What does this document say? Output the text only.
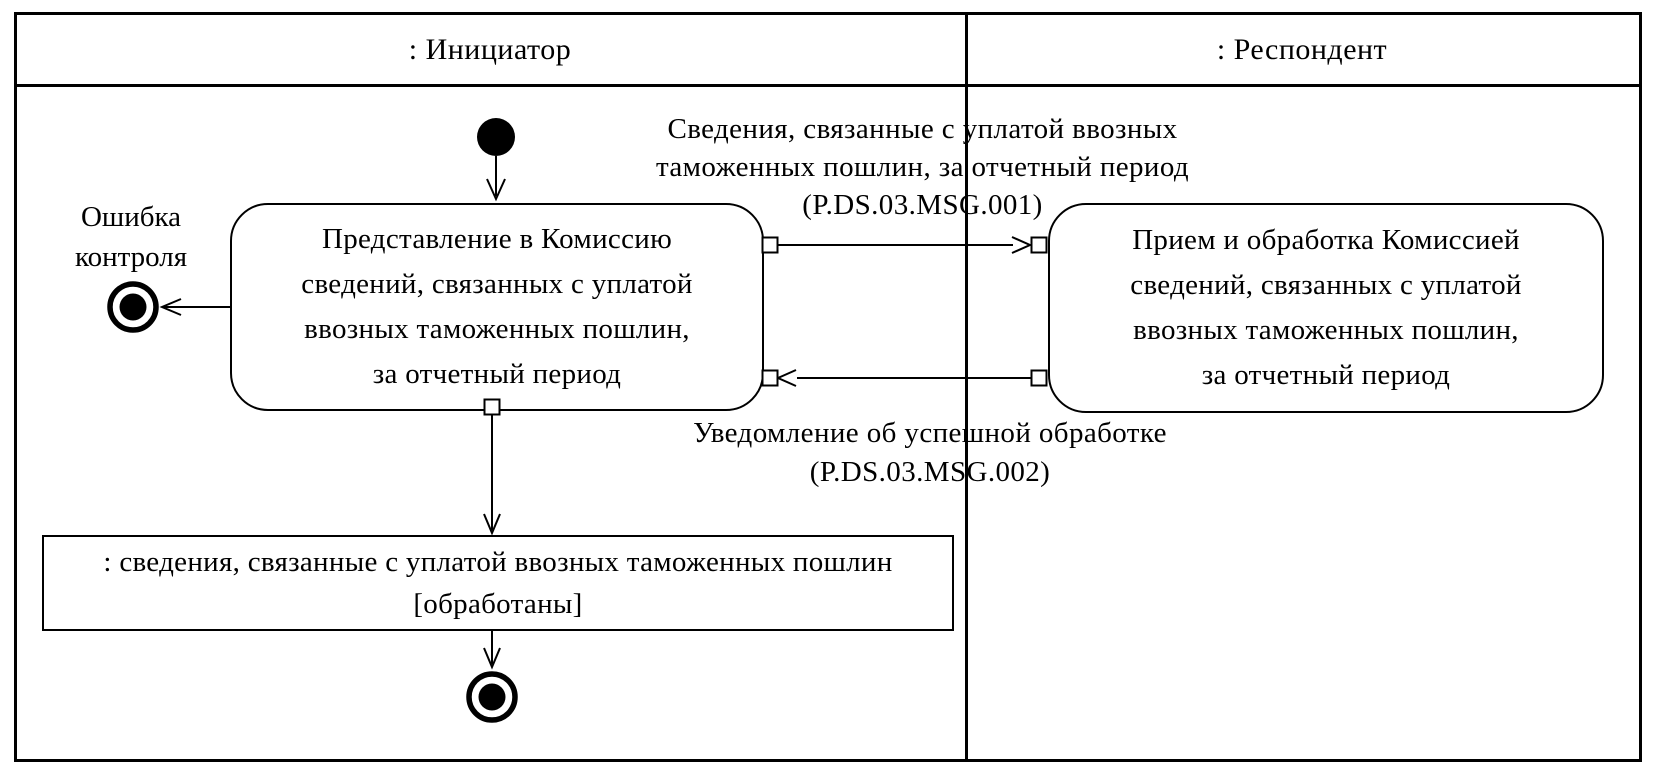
: Инициатор	: Респондент
Представление в Комиссию
сведений, связанных с уплатой
ввозных таможенных пошлин,
за отчетный период
Прием и обработка Комиссией
сведений, связанных с уплатой
ввозных таможенных пошлин,
за отчетный период
Сведения, связанные с уплатой ввозных
таможенных пошлин, за отчетный период
(P.DS.03.MSG.001)
Уведомление об успешной обработке
(P.DS.03.MSG.002)
Ошибка
контроля
: сведения, связанные с уплатой ввозных таможенных пошлин
[обработаны]
